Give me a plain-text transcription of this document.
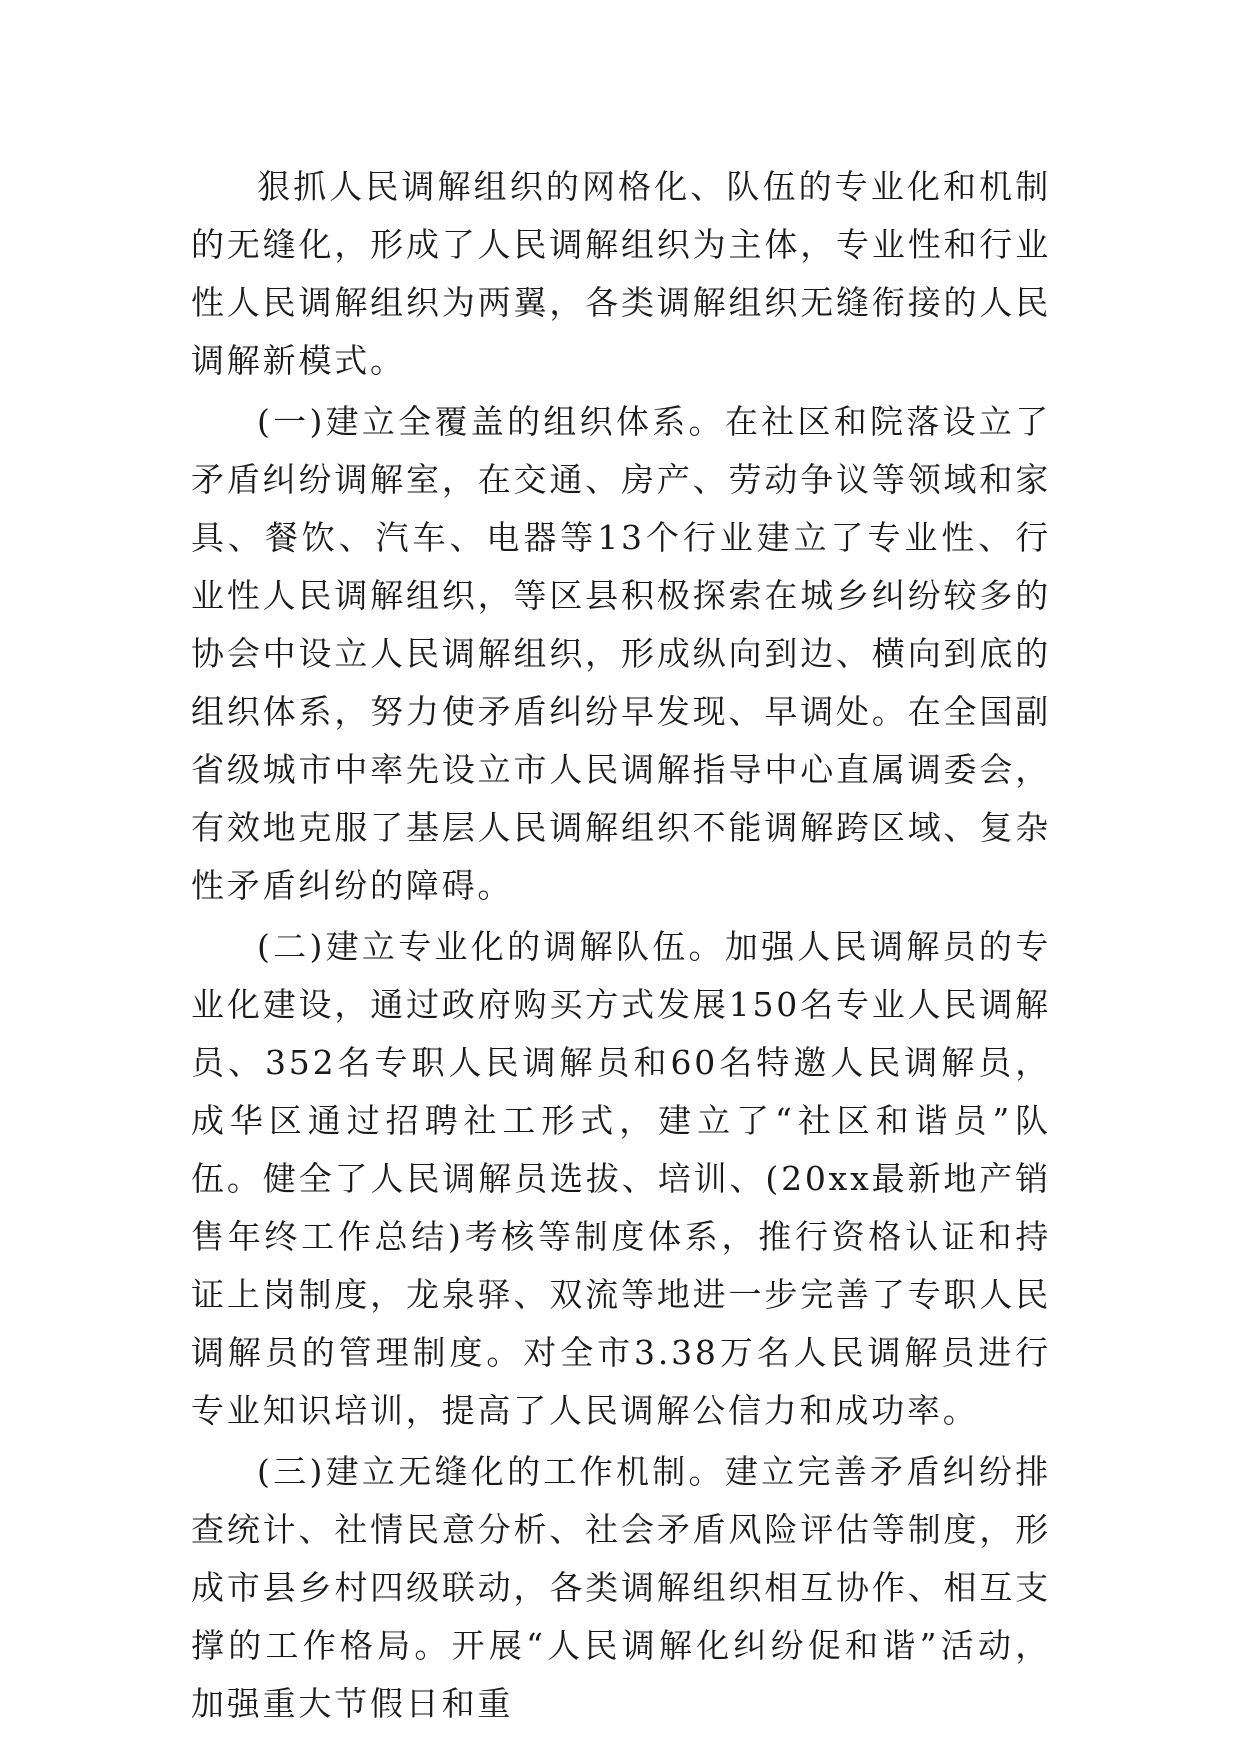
狠抓人民调解组织的网格化、队伍的专业化和机制的无缝化，形成了人民调解组织为主体，专业性和行业性人民调解组织为两翼，各类调解组织无缝衔接的人民调解新模式。

(一)建立全覆盖的组织体系。在社区和院落设立了矛盾纠纷调解室，在交通、房产、劳动争议等领域和家具、餐饮、汽车、电器等13个行业建立了专业性、行业性人民调解组织，等区县积极探索在城乡纠纷较多的协会中设立人民调解组织，形成纵向到边、横向到底的组织体系，努力使矛盾纠纷早发现、早调处。在全国副省级城市中率先设立市人民调解指导中心直属调委会，有效地克服了基层人民调解组织不能调解跨区域、复杂性矛盾纠纷的障碍。

(二)建立专业化的调解队伍。加强人民调解员的专业化建设，通过政府购买方式发展150名专业人民调解员、352名专职人民调解员和60名特邀人民调解员，成华区通过招聘社工形式，建立了“社区和谐员”队伍。健全了人民调解员选拔、培训、(20xx最新地产销售年终工作总结)考核等制度体系，推行资格认证和持证上岗制度，龙泉驿、双流等地进一步完善了专职人民调解员的管理制度。对全市3.38万名人民调解员进行专业知识培训，提高了人民调解公信力和成功率。

(三)建立无缝化的工作机制。建立完善矛盾纠纷排查统计、社情民意分析、社会矛盾风险评估等制度，形成市县乡村四级联动，各类调解组织相互协作、相互支撑的工作格局。开展“人民调解化纠纷促和谐”活动，加强重大节假日和重
